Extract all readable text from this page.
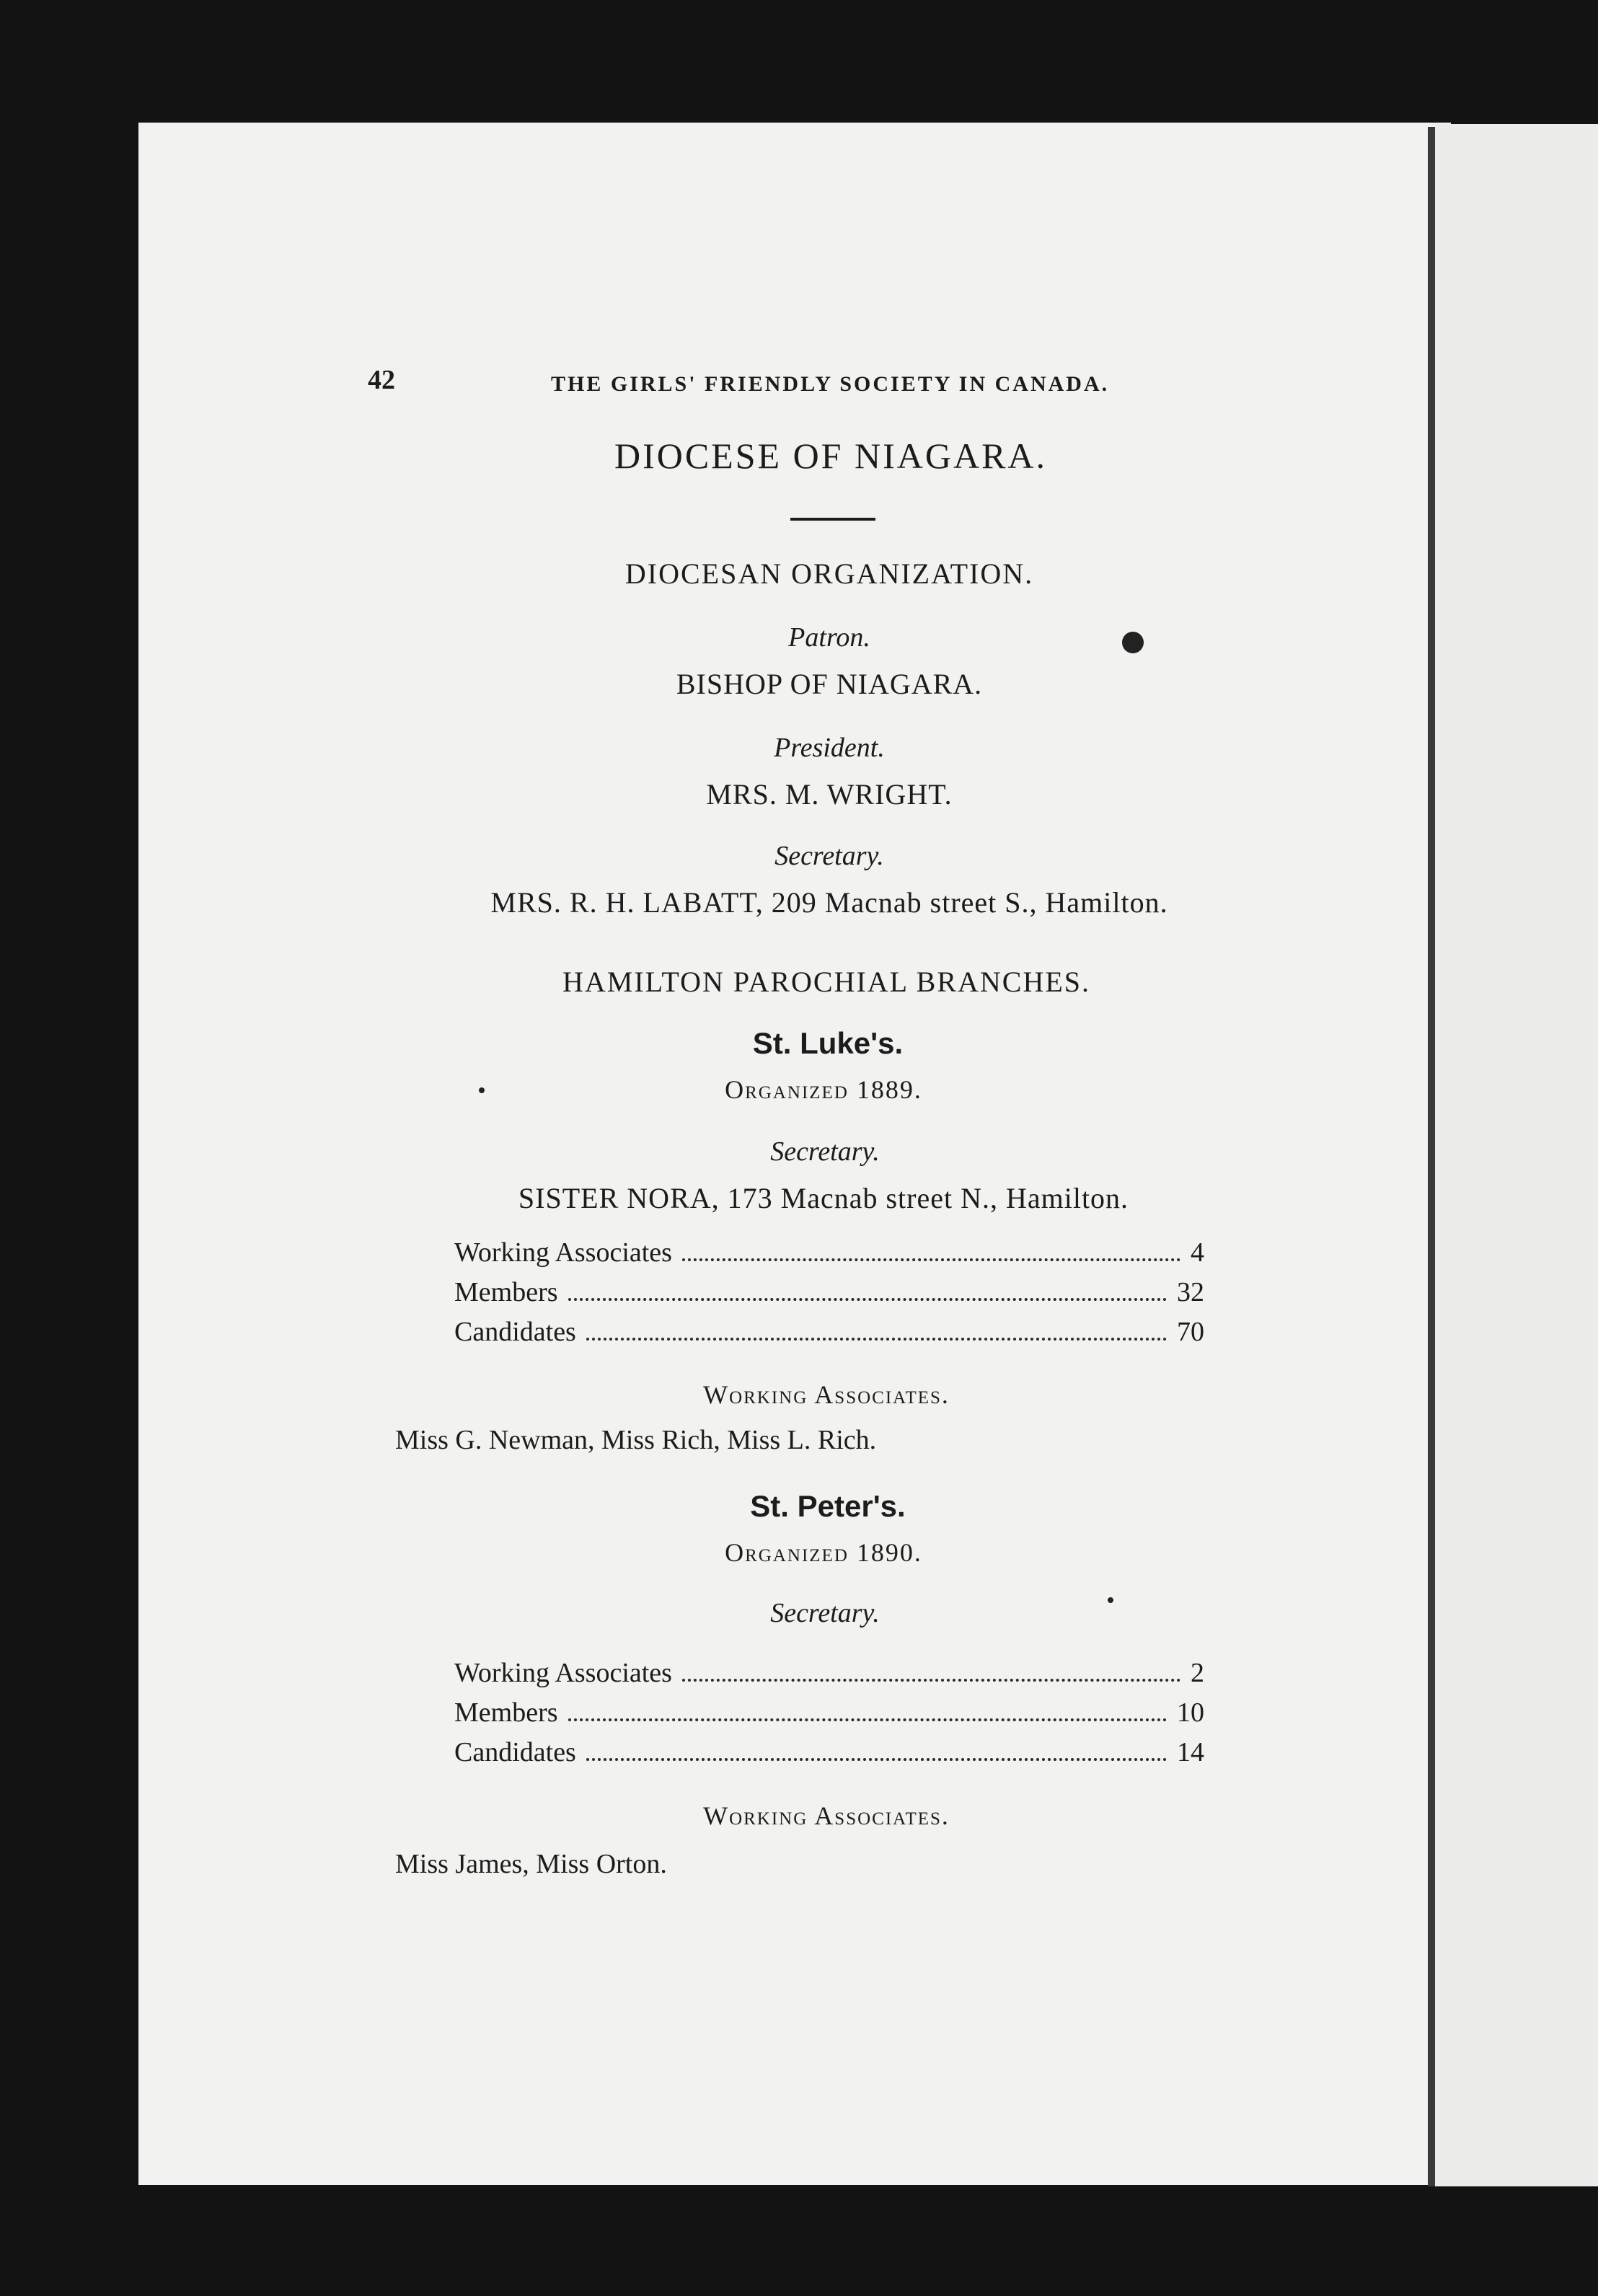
42	THE GIRLS' FRIENDLY SOCIETY IN CANADA.
DIOCESE OF NIAGARA.
DIOCESAN ORGANIZATION.
Patron.
BISHOP OF NIAGARA.
President.
MRS. M. WRIGHT.
Secretary.
MRS. R. H. LABATT, 209 Macnab street S., Hamilton.
HAMILTON PAROCHIAL BRANCHES.
St. Luke's.
Organized 1889.
Secretary.
SISTER NORA, 173 Macnab street N., Hamilton.
Working Associates	4
Members	32
Candidates	70
Working Associates.
Miss G. Newman, Miss Rich, Miss L. Rich.
St. Peter's.
Organized 1890.
Secretary.
Working Associates	2
Members	10
Candidates	14
Working Associates.
Miss James, Miss Orton.
